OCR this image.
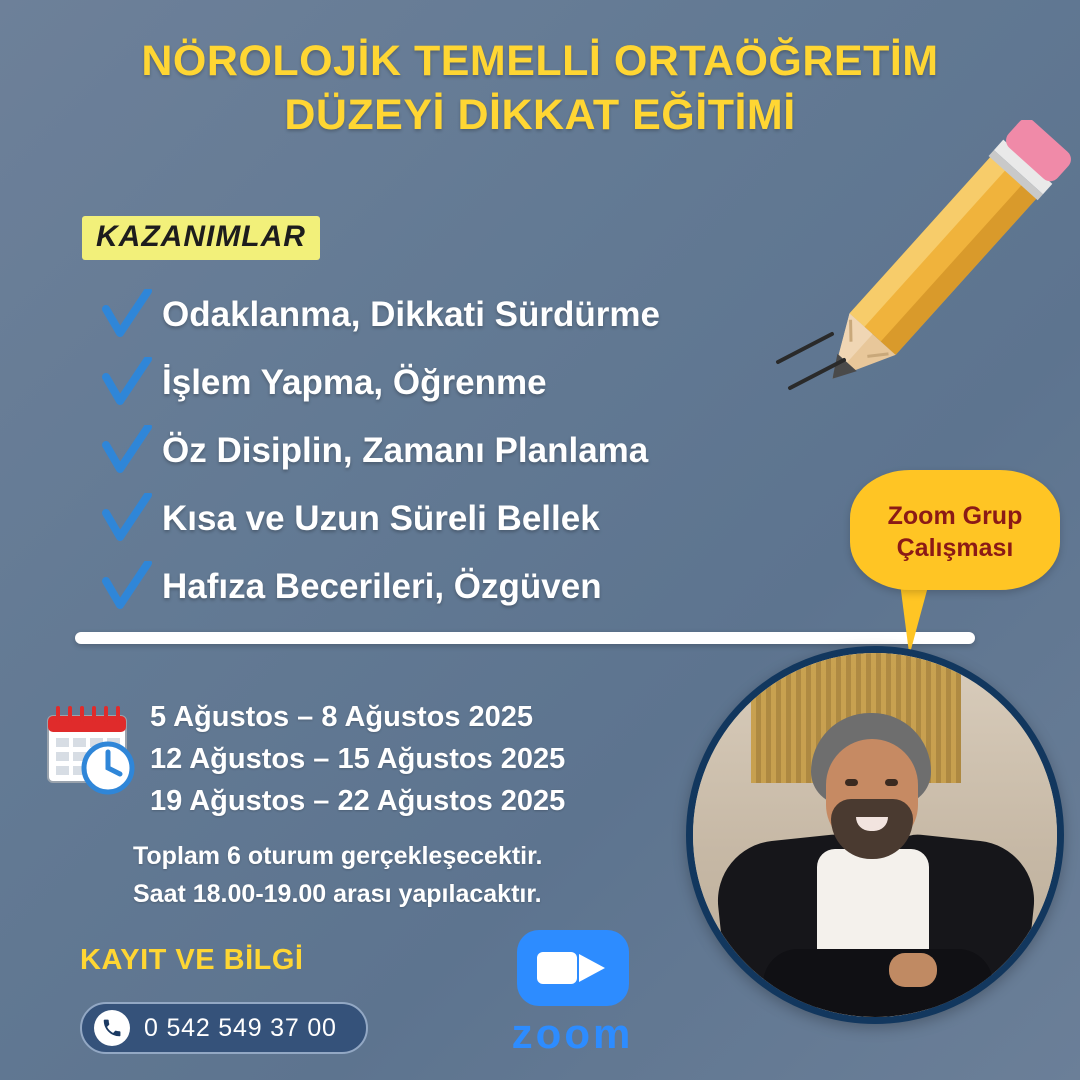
NÖROLOJİK TEMELLİ ORTAÖĞRETİM DÜZEYİ DİKKAT EĞİTİMİ
KAZANIMLAR
Odaklanma, Dikkati Sürdürme
İşlem Yapma, Öğrenme
Öz Disiplin, Zamanı Planlama
Kısa ve Uzun Süreli Bellek
Hafıza Becerileri, Özgüven
Zoom Grup
Çalışması
5 Ağustos – 8 Ağustos 2025
12 Ağustos – 15 Ağustos 2025
19 Ağustos – 22 Ağustos 2025
Toplam 6 oturum gerçekleşecektir.
Saat 18.00-19.00 arası yapılacaktır.
KAYIT VE BİLGİ
0 542 549 37 00	zoom
